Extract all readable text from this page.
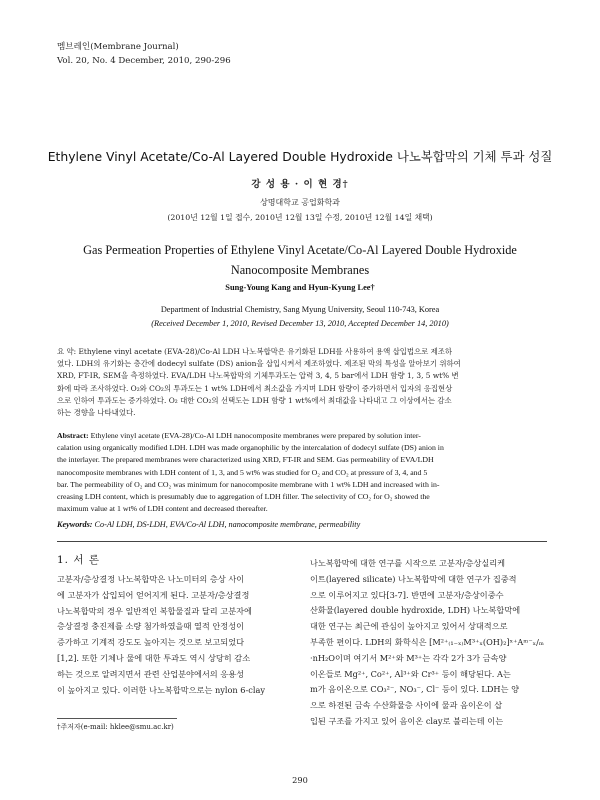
멤브레인(Membrane Journal)
Vol. 20, No. 4 December, 2010, 290-296
Ethylene Vinyl Acetate/Co-Al Layered Double Hydroxide 나노복합막의 기체 투과 성질
강 성 용 · 이 현 경†
상명대학교 공업화학과
(2010년 12월 1일 접수, 2010년 12월 13일 수정, 2010년 12월 14일 채택)
Gas Permeation Properties of Ethylene Vinyl Acetate/Co-Al Layered Double Hydroxide
Nanocomposite Membranes
Sung-Young Kang and Hyun-Kyung Lee†
Department of Industrial Chemistry, Sang Myung University, Seoul 110-743, Korea
(Received December 1, 2010, Revised December 13, 2010, Accepted December 14, 2010)
요 약: Ethylene vinyl acetate (EVA-28)/Co-Al LDH 나노복합막은 유기화된 LDH를 사용하여 용액 삽입법으로 제조하
였다. LDH의 유기화는 층간에 dodecyl sulfate (DS) anion을 삽입시켜서 제조하였다. 제조된 막의 특성을 알아보기 위하여
XRD, FT-IR, SEM을 측정하였다. EVA/LDH 나노복합막의 기체투과도는 압력 3, 4, 5 bar에서 LDH 함량 1, 3, 5 wt% 변
화에 따라 조사하였다. O₂와 CO₂의 투과도는 1 wt% LDH에서 최소값을 가지며 LDH 함량이 증가하면서 입자의 응집현상
으로 인하여 투과도는 증가하였다. O₂ 대한 CO₂의 선택도는 LDH 함량 1 wt%에서 최대값을 나타내고 그 이상에서는 감소
하는 경향을 나타내었다.
Abstract: Ethylene vinyl acetate (EVA-28)/Co-Al LDH nanocomposite membranes were prepared by solution inter-
calation using organically modified LDH. LDH was made organophilic by the intercalation of dodecyl sulfate (DS) anion in
the interlayer. The prepared membranes were characterized using XRD, FT-IR and SEM. Gas permeability of EVA/LDH
nanocomposite membranes with LDH content of 1, 3, and 5 wt% was studied for O₂ and CO₂ at pressure of 3, 4, and 5
bar. The permeability of O₂ and CO₂ was minimum for nanocomposite membrane with 1 wt% LDH and increased with in-
creasing LDH content, which is presumably due to aggregation of LDH filler. The selectivity of CO₂ for O₂ showed the
maximum value at 1 wt% of LDH content and decreased thereafter.
Keywords: Co-Al LDH, DS-LDH, EVA/Co-Al LDH, nanocomposite membrane, permeability
1. 서 론
고분자/층상결정 나노복합막은 나노미터의 층상 사이
에 고분자가 삽입되어 얻어지게 된다. 고분자/층상결정
나노복합막의 경우 일반적인 복합물질과 달리 고분자에
층상결정 충진제를 소량 첨가하였을때 열적 안정성이
증가하고 기계적 강도도 높아지는 것으로 보고되었다
[1,2]. 또한 기체나 물에 대한 투과도 역시 상당히 감소
하는 것으로 알려지면서 관련 산업분야에서의 응용성
이 높아지고 있다. 이러한 나노복합막으로는 nylon 6-clay
나노복합막에 대한 연구를 시작으로 고분자/층상실리케
이트(layered silicate) 나노복합막에 대한 연구가 집중적
으로 이루어지고 있다[3-7]. 반면에 고분자/층상이중수
산화물(layered double hydroxide, LDH) 나노복합막에
대한 연구는 최근에 관심이 높아지고 있어서 상대적으로
부족한 편이다. LDH의 화학식은 [M²⁺₍₁₋ₓ₎M³⁺ₓ(OH)₂]ˣ⁺Aᵐ⁻ₓ/ₘ
·nH₂O이며 여기서 M²⁺와 M³⁺는 각각 2가 3가 금속양
이온들로 Mg²⁺, Co²⁺, Al³⁺와 Cr³⁺ 등이 해당된다. A는
m가 음이온으로 CO₃²⁻, NO₃⁻, Cl⁻ 등이 있다. LDH는 양
으로 하전된 금속 수산화물층 사이에 물과 음이온이 삽
입된 구조를 가지고 있어 음이온 clay로 불리는데 이는
†주저자(e-mail: hklee@smu.ac.kr)
290
